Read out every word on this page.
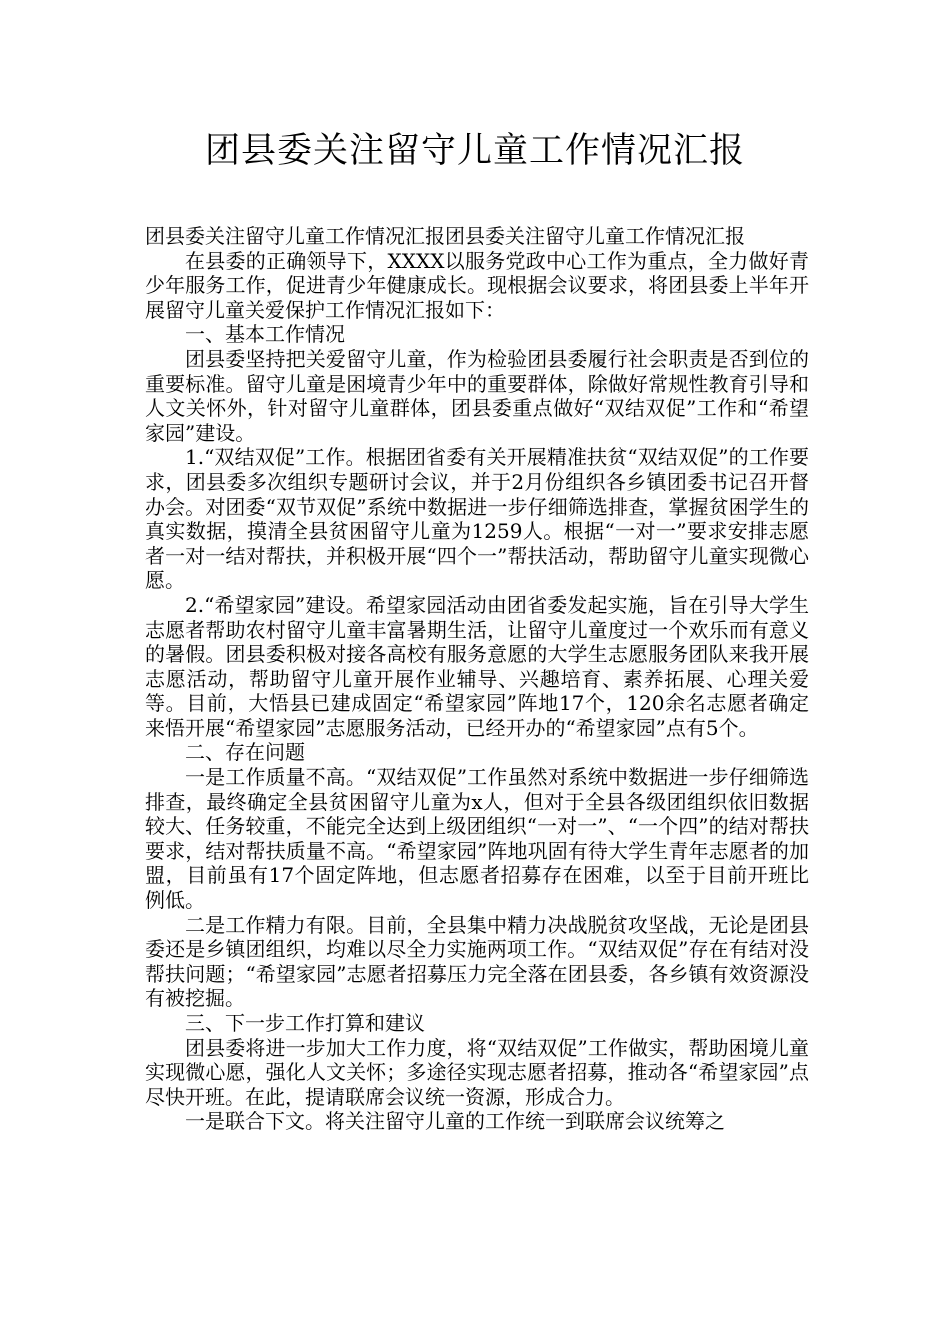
团县委关注留守儿童工作情况汇报

团县委关注留守儿童工作情况汇报团县委关注留守儿童工作情况汇报

在县委的正确领导下，XXXX以服务党政中心工作为重点，全力做好青少年服务工作，促进青少年健康成长。现根据会议要求，将团县委上半年开展留守儿童关爱保护工作情况汇报如下：

一、基本工作情况

团县委坚持把关爱留守儿童，作为检验团县委履行社会职责是否到位的重要标准。留守儿童是困境青少年中的重要群体，除做好常规性教育引导和人文关怀外，针对留守儿童群体，团县委重点做好“双结双促”工作和“希望家园”建设。

1.“双结双促”工作。根据团省委有关开展精准扶贫“双结双促”的工作要求，团县委多次组织专题研讨会议，并于2月份组织各乡镇团委书记召开督办会。对团委“双节双促”系统中数据进一步仔细筛选排查，掌握贫困学生的真实数据，摸清全县贫困留守儿童为1259人。根据“一对一”要求安排志愿者一对一结对帮扶，并积极开展“四个一”帮扶活动，帮助留守儿童实现微心愿。

2.“希望家园”建设。希望家园活动由团省委发起实施，旨在引导大学生志愿者帮助农村留守儿童丰富暑期生活，让留守儿童度过一个欢乐而有意义的暑假。团县委积极对接各高校有服务意愿的大学生志愿服务团队来我开展志愿活动，帮助留守儿童开展作业辅导、兴趣培育、素养拓展、心理关爱等。目前，大悟县已建成固定“希望家园”阵地17个，120余名志愿者确定来悟开展“希望家园”志愿服务活动，已经开办的“希望家园”点有5个。

二、存在问题

一是工作质量不高。“双结双促”工作虽然对系统中数据进一步仔细筛选排查，最终确定全县贫困留守儿童为x人，但对于全县各级团组织依旧数据较大、任务较重，不能完全达到上级团组织“一对一”、“一个四”的结对帮扶要求，结对帮扶质量不高。“希望家园”阵地巩固有待大学生青年志愿者的加盟，目前虽有17个固定阵地，但志愿者招募存在困难，以至于目前开班比例低。

二是工作精力有限。目前，全县集中精力决战脱贫攻坚战，无论是团县委还是乡镇团组织，均难以尽全力实施两项工作。“双结双促”存在有结对没帮扶问题；“希望家园”志愿者招募压力完全落在团县委，各乡镇有效资源没有被挖掘。

三、下一步工作打算和建议

团县委将进一步加大工作力度，将“双结双促”工作做实，帮助困境儿童实现微心愿，强化人文关怀；多途径实现志愿者招募，推动各“希望家园”点尽快开班。在此，提请联席会议统一资源，形成合力。

一是联合下文。将关注留守儿童的工作统一到联席会议统筹之
